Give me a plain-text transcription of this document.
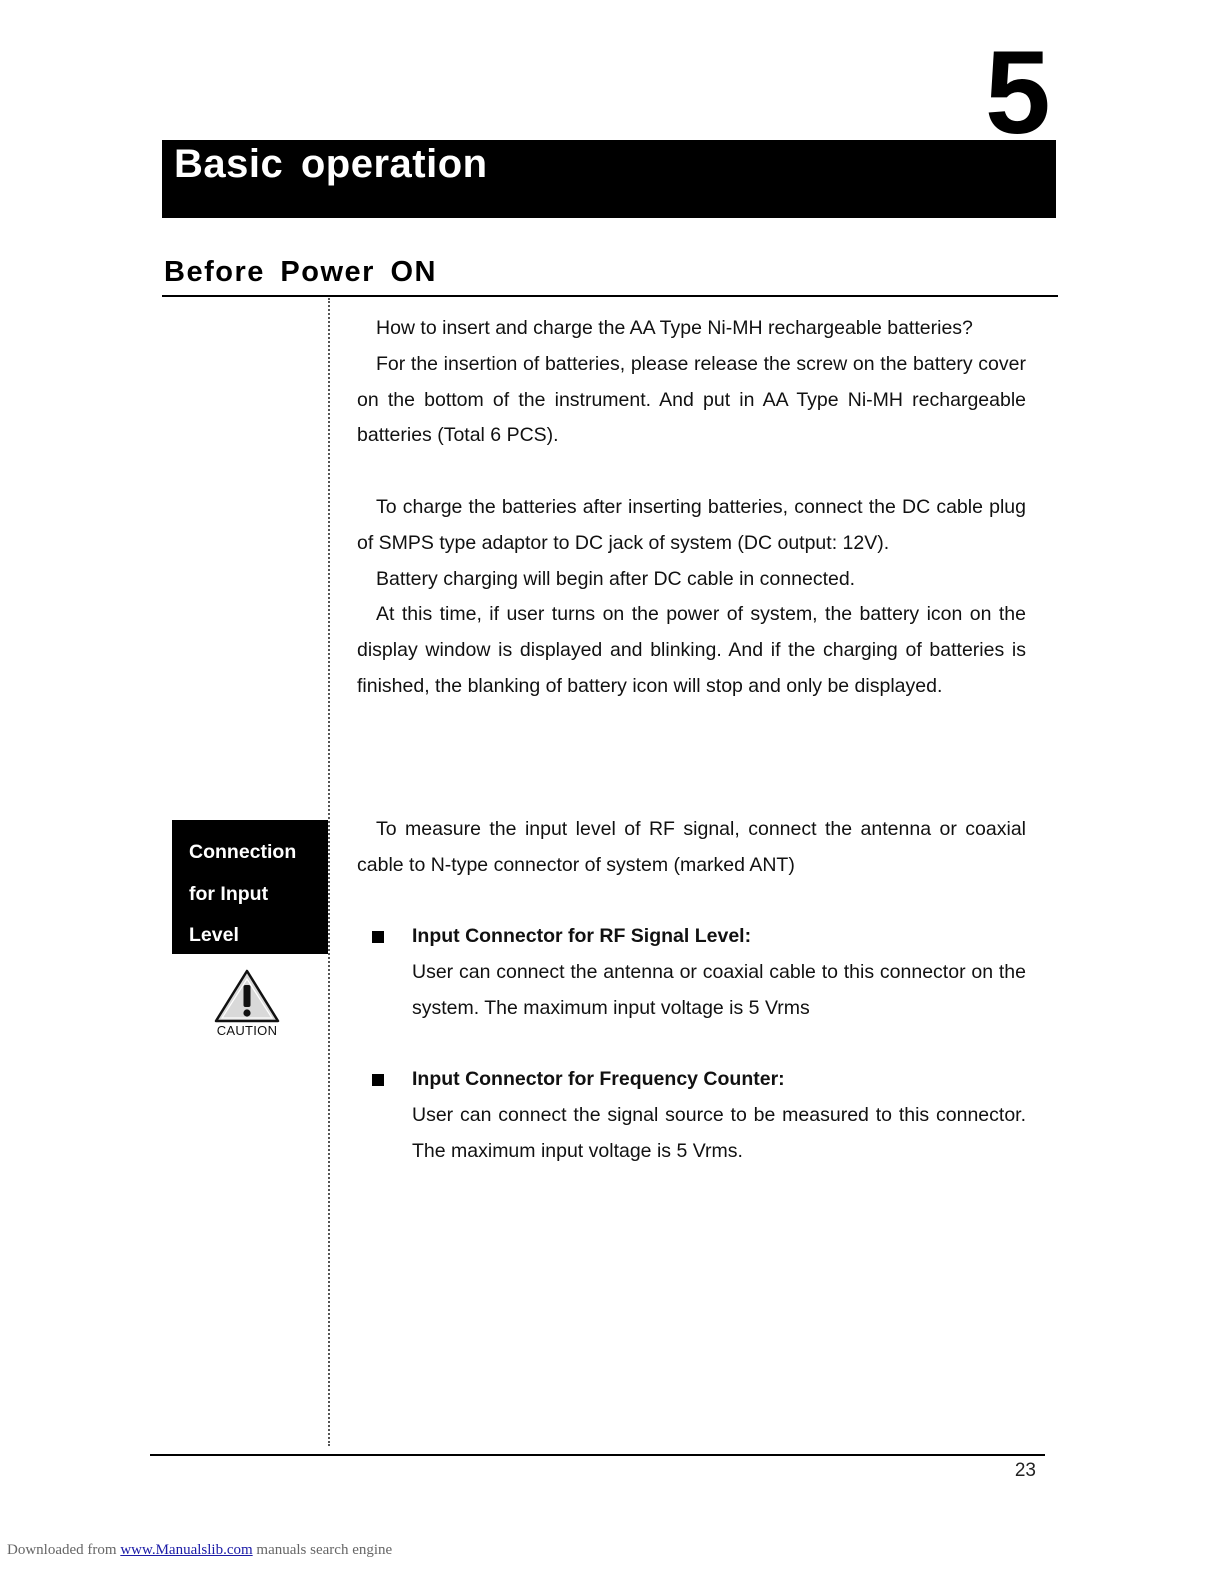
5
Basic operation
Before Power ON

How to insert and charge the AA Type Ni-MH rechargeable batteries?

For the insertion of batteries, please release the screw on the battery cover on the bottom of the instrument. And put in AA Type Ni-MH rechargeable batteries (Total 6 PCS).

To charge the batteries after inserting batteries, connect the DC cable plug of SMPS type adaptor to DC jack of system (DC output: 12V).

Battery charging will begin after DC cable in connected.

At this time, if user turns on the power of system, the battery icon on the display window is displayed and blinking. And if the charging of batteries is finished, the blanking of battery icon will stop and only be displayed.

Connection
for Input
Level
CAUTION

To measure the input level of RF signal, connect the antenna or coaxial cable to N-type connector of system (marked ANT)

Input Connector for RF Signal Level:
User can connect the antenna or coaxial cable to this connector on the system. The maximum input voltage is 5 Vrms
Input Connector for Frequency Counter:
User can connect the signal source to be measured to this connector. The maximum input voltage is 5 Vrms.
23
Downloaded from www.Manualslib.com manuals search engine
